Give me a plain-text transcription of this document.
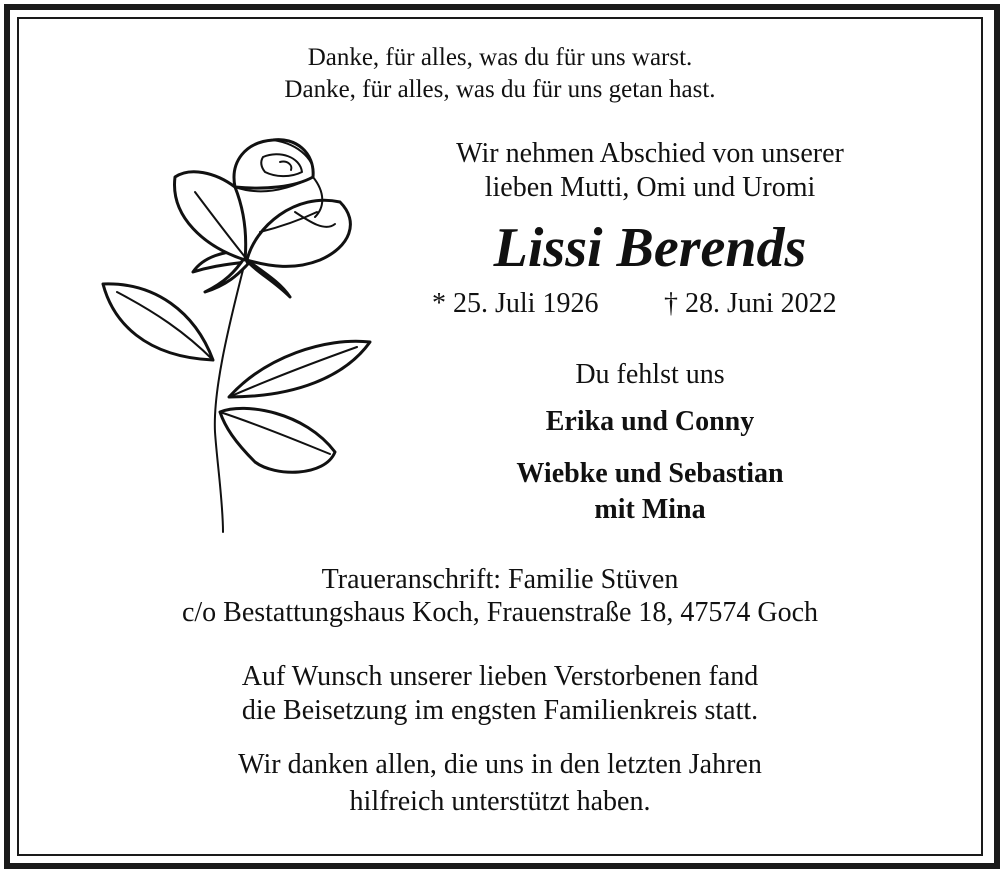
Danke, für alles, was du für uns warst.
Danke, für alles, was du für uns getan hast.
Wir nehmen Abschied von unserer
lieben Mutti, Omi und Uromi
Lissi Berends
* 25. Juli 1926 † 28. Juni 2022
Du fehlst uns
Erika und Conny
Wiebke und Sebastian
mit Mina
Traueranschrift: Familie Stüven
c/o Bestattungshaus Koch, Frauenstraße 18, 47574 Goch
Auf Wunsch unserer lieben Verstorbenen fand
die Beisetzung im engsten Familienkreis statt.
Wir danken allen, die uns in den letzten Jahren
hilfreich unterstützt haben.
